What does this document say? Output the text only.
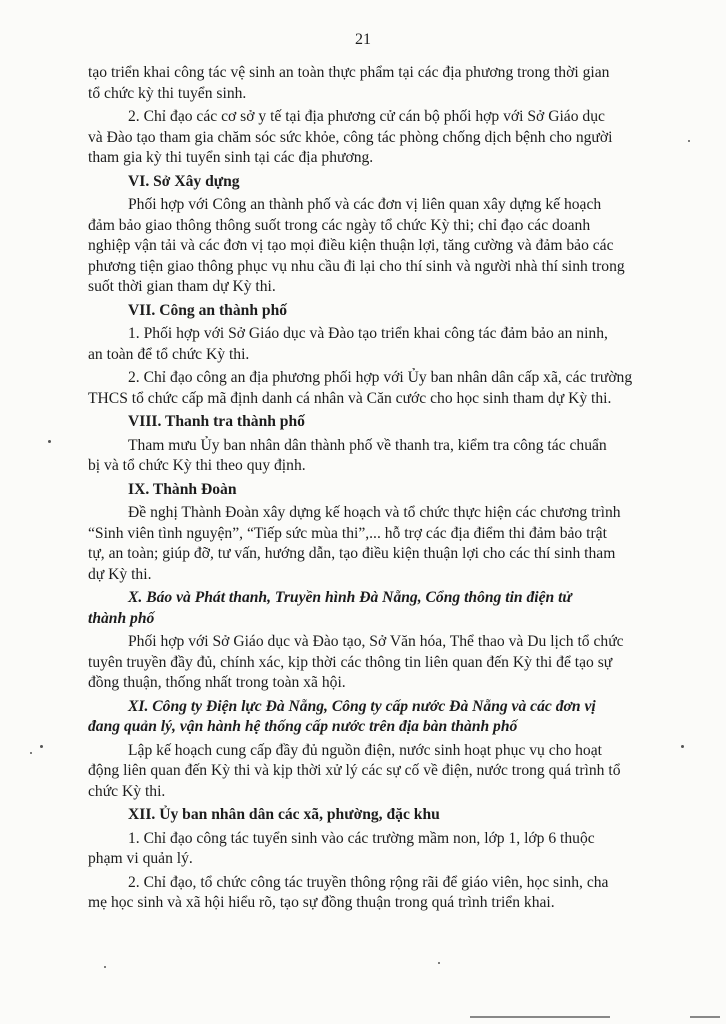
21

tạo triển khai công tác vệ sinh an toàn thực phẩm tại các địa phương trong thời gian
tổ chức kỳ thi tuyển sinh.

2. Chỉ đạo các cơ sở y tế tại địa phương cử cán bộ phối hợp với Sở Giáo dục
và Đào tạo tham gia chăm sóc sức khỏe, công tác phòng chống dịch bệnh cho người
tham gia kỳ thi tuyển sinh tại các địa phương.

VI. Sở Xây dựng

Phối hợp với Công an thành phố và các đơn vị liên quan xây dựng kế hoạch
đảm bảo giao thông thông suốt trong các ngày tổ chức Kỳ thi; chỉ đạo các doanh
nghiệp vận tải và các đơn vị tạo mọi điều kiện thuận lợi, tăng cường và đảm bảo các
phương tiện giao thông phục vụ nhu cầu đi lại cho thí sinh và người nhà thí sinh trong
suốt thời gian tham dự Kỳ thi.

VII. Công an thành phố

1. Phối hợp với Sở Giáo dục và Đào tạo triển khai công tác đảm bảo an ninh,
an toàn để tổ chức Kỳ thi.

2. Chỉ đạo công an địa phương phối hợp với Ủy ban nhân dân cấp xã, các trường
THCS tổ chức cấp mã định danh cá nhân và Căn cước cho học sinh tham dự Kỳ thi.

VIII. Thanh tra thành phố

Tham mưu Ủy ban nhân dân thành phố về thanh tra, kiểm tra công tác chuẩn
bị và tổ chức Kỳ thi theo quy định.

IX. Thành Đoàn

Đề nghị Thành Đoàn xây dựng kế hoạch và tổ chức thực hiện các chương trình
“Sinh viên tình nguyện”, “Tiếp sức mùa thi”,... hỗ trợ các địa điểm thi đảm bảo trật
tự, an toàn; giúp đỡ, tư vấn, hướng dẫn, tạo điều kiện thuận lợi cho các thí sinh tham
dự Kỳ thi.

X. Báo và Phát thanh, Truyền hình Đà Nẵng, Cổng thông tin điện tử
thành phố

Phối hợp với Sở Giáo dục và Đào tạo, Sở Văn hóa, Thể thao và Du lịch tổ chức
tuyên truyền đầy đủ, chính xác, kịp thời các thông tin liên quan đến Kỳ thi để tạo sự
đồng thuận, thống nhất trong toàn xã hội.

XI. Công ty Điện lực Đà Nẵng, Công ty cấp nước Đà Nẵng và các đơn vị
đang quản lý, vận hành hệ thống cấp nước trên địa bàn thành phố

Lập kế hoạch cung cấp đầy đủ nguồn điện, nước sinh hoạt phục vụ cho hoạt
động liên quan đến Kỳ thi và kịp thời xử lý các sự cố về điện, nước trong quá trình tổ
chức Kỳ thi.

XII. Ủy ban nhân dân các xã, phường, đặc khu

1. Chỉ đạo công tác tuyển sinh vào các trường mầm non, lớp 1, lớp 6 thuộc
phạm vi quản lý.

2. Chỉ đạo, tổ chức công tác truyền thông rộng rãi để giáo viên, học sinh, cha
mẹ học sinh và xã hội hiểu rõ, tạo sự đồng thuận trong quá trình triển khai.
